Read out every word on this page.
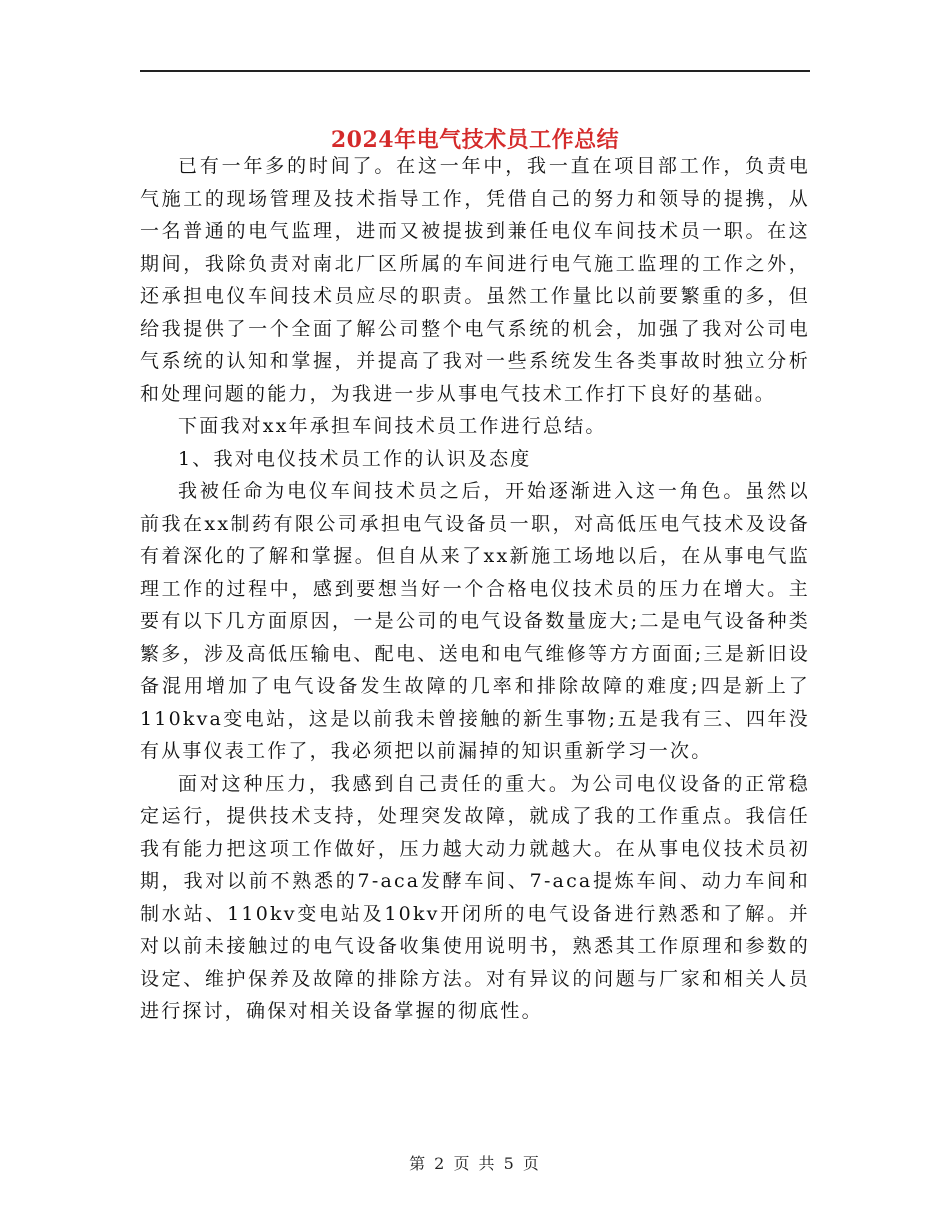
2024年电气技术员工作总结

已有一年多的时间了。在这一年中，我一直在项目部工作，负责电气施工的现场管理及技术指导工作，凭借自己的努力和领导的提携，从一名普通的电气监理，进而又被提拔到兼任电仪车间技术员一职。在这期间，我除负责对南北厂区所属的车间进行电气施工监理的工作之外，还承担电仪车间技术员应尽的职责。虽然工作量比以前要繁重的多，但给我提供了一个全面了解公司整个电气系统的机会，加强了我对公司电气系统的认知和掌握，并提高了我对一些系统发生各类事故时独立分析和处理问题的能力，为我进一步从事电气技术工作打下良好的基础。

下面我对xx年承担车间技术员工作进行总结。

1、我对电仪技术员工作的认识及态度

我被任命为电仪车间技术员之后，开始逐渐进入这一角色。虽然以前我在xx制药有限公司承担电气设备员一职，对高低压电气技术及设备有着深化的了解和掌握。但自从来了xx新施工场地以后，在从事电气监理工作的过程中，感到要想当好一个合格电仪技术员的压力在增大。主要有以下几方面原因，一是公司的电气设备数量庞大;二是电气设备种类繁多，涉及高低压输电、配电、送电和电气维修等方方面面;三是新旧设备混用增加了电气设备发生故障的几率和排除故障的难度;四是新上了110kva变电站，这是以前我未曾接触的新生事物;五是我有三、四年没有从事仪表工作了，我必须把以前漏掉的知识重新学习一次。

面对这种压力，我感到自己责任的重大。为公司电仪设备的正常稳定运行，提供技术支持，处理突发故障，就成了我的工作重点。我信任我有能力把这项工作做好，压力越大动力就越大。在从事电仪技术员初期，我对以前不熟悉的7-aca发酵车间、7-aca提炼车间、动力车间和制水站、110kv变电站及10kv开闭所的电气设备进行熟悉和了解。并对以前未接触过的电气设备收集使用说明书，熟悉其工作原理和参数的设定、维护保养及故障的排除方法。对有异议的问题与厂家和相关人员进行探讨，确保对相关设备掌握的彻底性。

第 2 页 共 5 页
